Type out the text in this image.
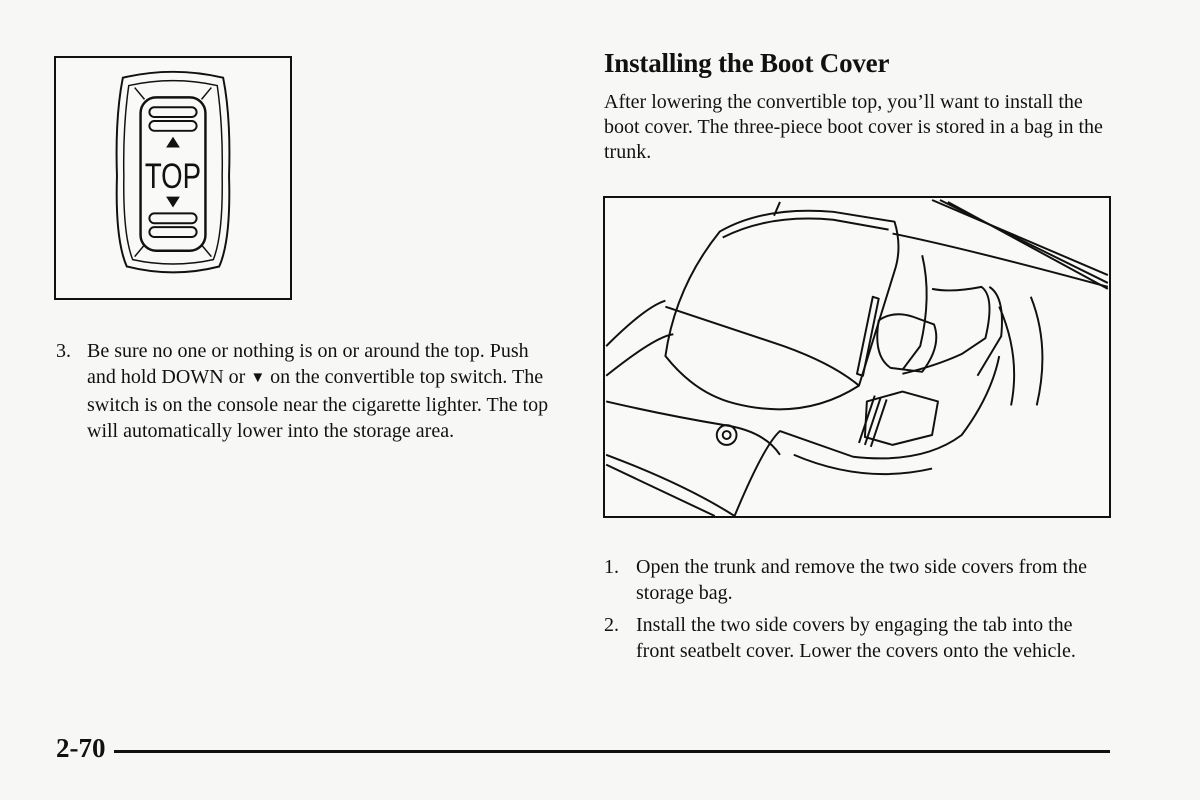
TOP
3. Be sure no one or nothing is on or around the top. Push and hold DOWN or ▼ on the convertible top switch. The switch is on the console near the cigarette lighter. The top will automatically lower into the storage area.
Installing the Boot Cover
After lowering the convertible top, you’ll want to install the boot cover. The three-piece boot cover is stored in a bag in the trunk.
1. Open the trunk and remove the two side covers from the storage bag.
2. Install the two side covers by engaging the tab into the front seatbelt cover. Lower the covers onto the vehicle.
2-70
